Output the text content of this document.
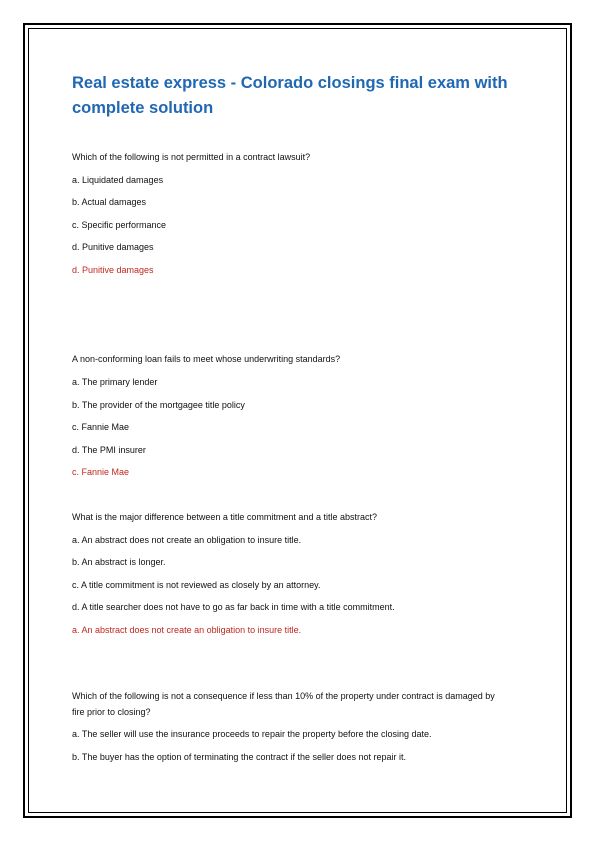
Real estate express - Colorado closings final exam with complete solution

Which of the following is not permitted in a contract lawsuit?

a. Liquidated damages

b. Actual damages

c. Specific performance

d. Punitive damages

d. Punitive damages

A non-conforming loan fails to meet whose underwriting standards?

a. The primary lender

b. The provider of the mortgagee title policy

c. Fannie Mae

d. The PMI insurer

c. Fannie Mae

What is the major difference between a title commitment and a title abstract?

a. An abstract does not create an obligation to insure title.

b. An abstract is longer.

c. A title commitment is not reviewed as closely by an attorney.

d. A title searcher does not have to go as far back in time with a title commitment.

a. An abstract does not create an obligation to insure title.

Which of the following is not a consequence if less than 10% of the property under contract is damaged by fire prior to closing?

a. The seller will use the insurance proceeds to repair the property before the closing date.

b. The buyer has the option of terminating the contract if the seller does not repair it.
